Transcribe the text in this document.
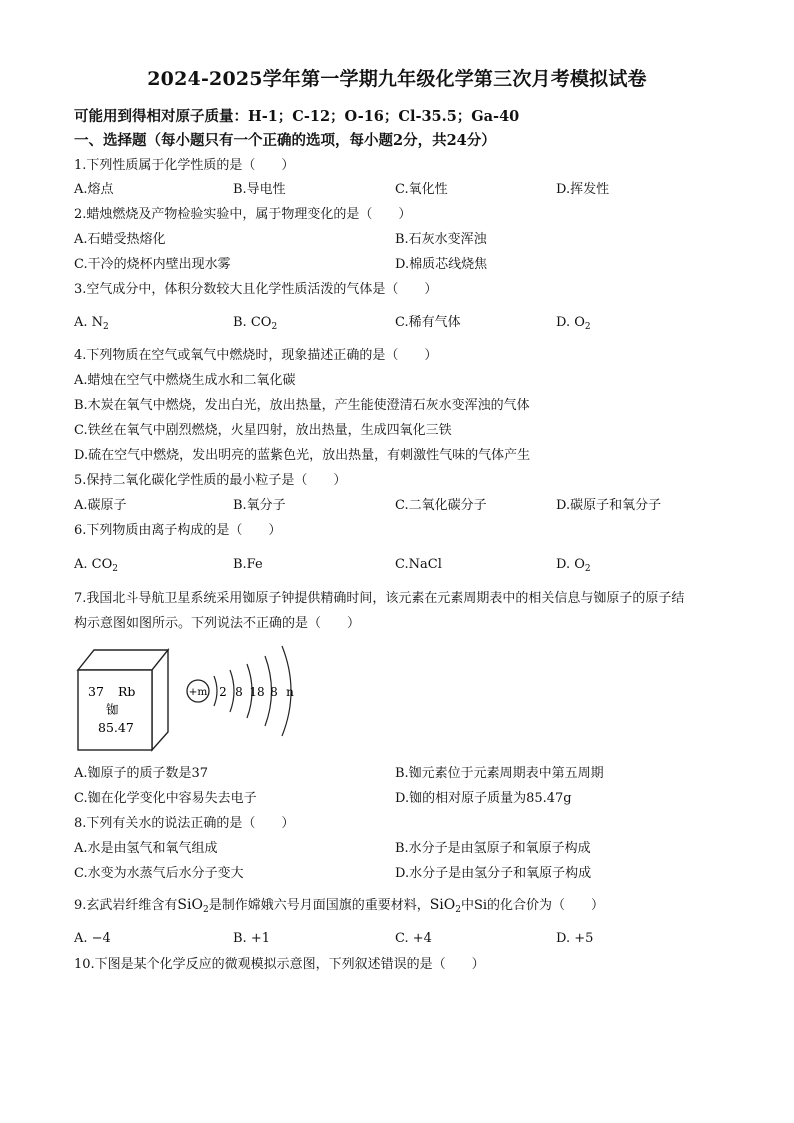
2024-2025学年第一学期九年级化学第三次月考模拟试卷
可能用到得相对原子质量：H-1；C-12；O-16；Cl-35.5；Ga-40
一、选择题（每小题只有一个正确的选项，每小题2分，共24分）
1.下列性质属于化学性质的是（　　）
A.熔点	B.导电性	C.氧化性	D.挥发性
2.蜡烛燃烧及产物检验实验中，属于物理变化的是（　　）
A.石蜡受热熔化	B.石灰水变浑浊
C.干冷的烧杯内壁出现水雾	D.棉质芯线烧焦
3.空气成分中，体积分数较大且化学性质活泼的气体是（　　）
A. $N_2$	B. $CO_2$	C.稀有气体	D. $O_2$
4.下列物质在空气或氧气中燃烧时，现象描述正确的是（　　）
A.蜡烛在空气中燃烧生成水和二氧化碳
B.木炭在氧气中燃烧，发出白光，放出热量，产生能使澄清石灰水变浑浊的气体
C.铁丝在氧气中剧烈燃烧，火星四射，放出热量，生成四氧化三铁
D.硫在空气中燃烧，发出明亮的蓝紫色光，放出热量，有刺激性气味的气体产生
5.保持二氧化碳化学性质的最小粒子是（　　）
A.碳原子	B.氧分子	C.二氧化碳分子	D.碳原子和氧分子
6.下列物质由离子构成的是（　　）
A. $CO_2$	B.Fe	C.NaCl	D. $O_2$
7.我国北斗导航卫星系统采用铷原子钟提供精确时间，该元素在元素周期表中的相关信息与铷原子的原子结
构示意图如图所示。下列说法不正确的是（　　）
37 Rb
铷
85.47
+m 2 8 18 8 n
A.铷原子的质子数是37	B.铷元素位于元素周期表中第五周期
C.铷在化学变化中容易失去电子	D.铷的相对原子质量为85.47g
8.下列有关水的说法正确的是（　　）
A.水是由氢气和氧气组成	B.水分子是由氢原子和氧原子构成
C.水变为水蒸气后水分子变大	D.水分子是由氢分子和氧原子构成
9.玄武岩纤维含有SiO$_2$是制作嫦娥六号月面国旗的重要材料，SiO$_2$中Si的化合价为（　　）
A. −4	B. +1	C. +4	D. +5
10.下图是某个化学反应的微观模拟示意图，下列叙述错误的是（　　）
